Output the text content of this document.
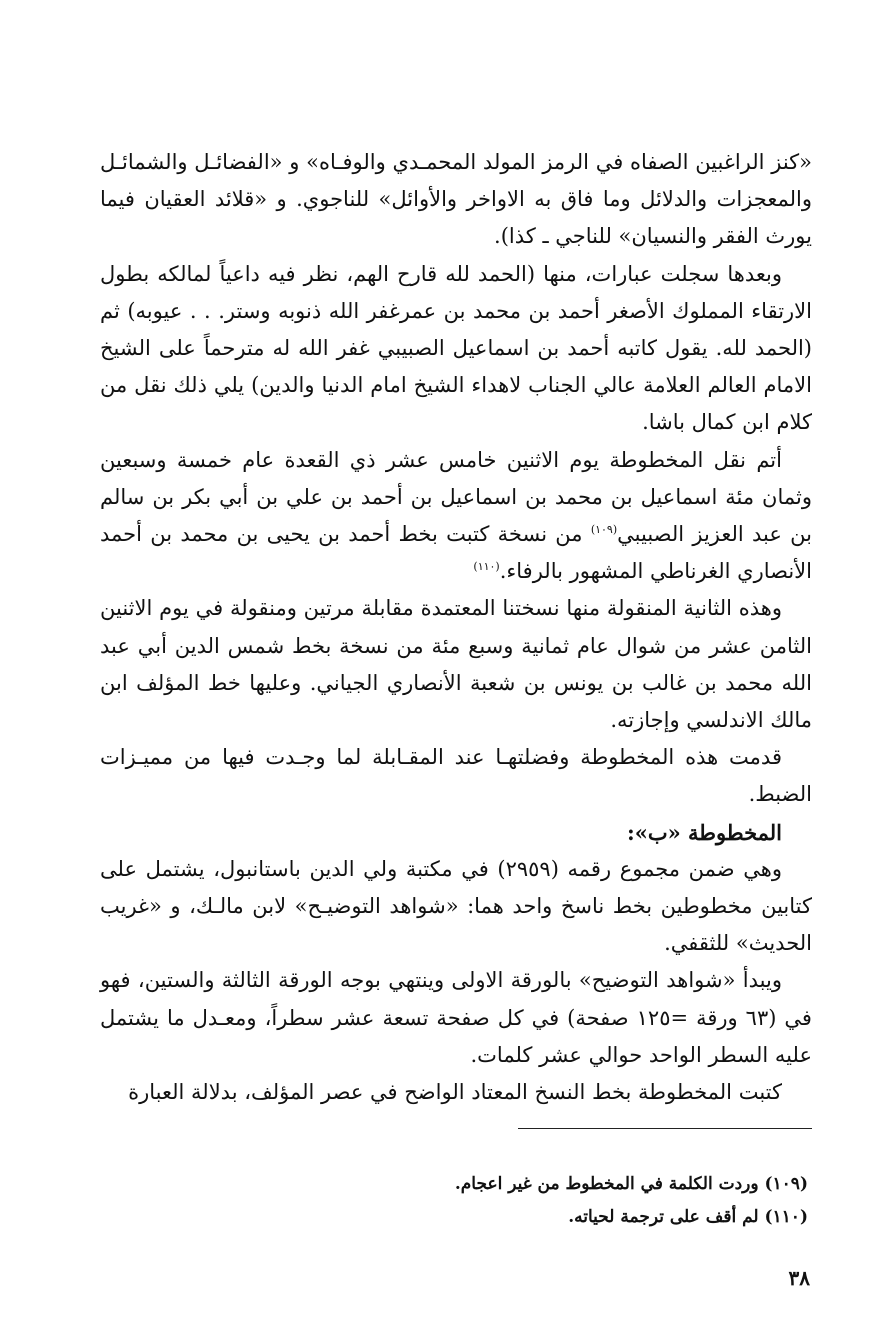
«كنز الراغبين الصفاه في الرمز المولد المحمـدي والوفـاه» و «الفضائـل والشمائـل والمعجزات والدلائل وما فاق به الاواخر والأوائل» للناجوي. و «قلائد العقيان فيما يورث الفقر والنسيان» للناجي ـ كذا).

وبعدها سجلت عبارات، منها (الحمد لله قارح الهم، نظر فيه داعياً لمالكه بطول الارتقاء المملوك الأصغر أحمد بن محمد بن عمرغفر الله ذنوبه وستر. . . عيوبه) ثم (الحمد لله. يقول كاتبه أحمد بن اسماعيل الصبيبي غفر الله له مترحماً على الشيخ الامام العالم العلامة عالي الجناب لاهداء الشيخ امام الدنيا والدين) يلي ذلك نقل من كلام ابن كمال باشا.

أتم نقل المخطوطة يوم الاثنين خامس عشر ذي القعدة عام خمسة وسبعين وثمان مئة اسماعيل بن محمد بن اسماعيل بن أحمد بن علي بن أبي بكر بن سالم بن عبد العزيز الصبيبي$^{(١٠٩)}$ من نسخة كتبت بخط أحمد بن يحيى بن محمد بن أحمد الأنصاري الغرناطي المشهور بالرفاء.$^{(١١٠)}$

وهذه الثانية المنقولة منها نسختنا المعتمدة مقابلة مرتين ومنقولة في يوم الاثنين الثامن عشر من شوال عام ثمانية وسبع مئة من نسخة بخط شمس الدين أبي عبد الله محمد بن غالب بن يونس بن شعبة الأنصاري الجياني. وعليها خط المؤلف ابن مالك الاندلسي وإجازته.

قدمت هذه المخطوطة وفضلتهـا عند المقـابلة لما وجـدت فيها من مميـزات الضبط.

المخطوطة «ب»:

وهي ضمن مجموع رقمه (٢٩٥٩) في مكتبة ولي الدين باستانبول، يشتمل على كتابين مخطوطين بخط ناسخ واحد هما: «شواهد التوضيـح» لابن مالـك، و «غريب الحديث» للثقفي.

ويبدأ «شواهد التوضيح» بالورقة الاولى وينتهي بوجه الورقة الثالثة والستين، فهو في (٦٣ ورقة =١٢٥ صفحة) في كل صفحة تسعة عشر سطراً، ومعـدل ما يشتمل عليه السطر الواحد حوالي عشر كلمات.

كتبت المخطوطة بخط النسخ المعتاد الواضح في عصر المؤلف، بدلالة العبارة

(١٠٩) وردت الكلمة في المخطوط من غير اعجام.

(١١٠) لم أقف على ترجمة لحياته.

٣٨
